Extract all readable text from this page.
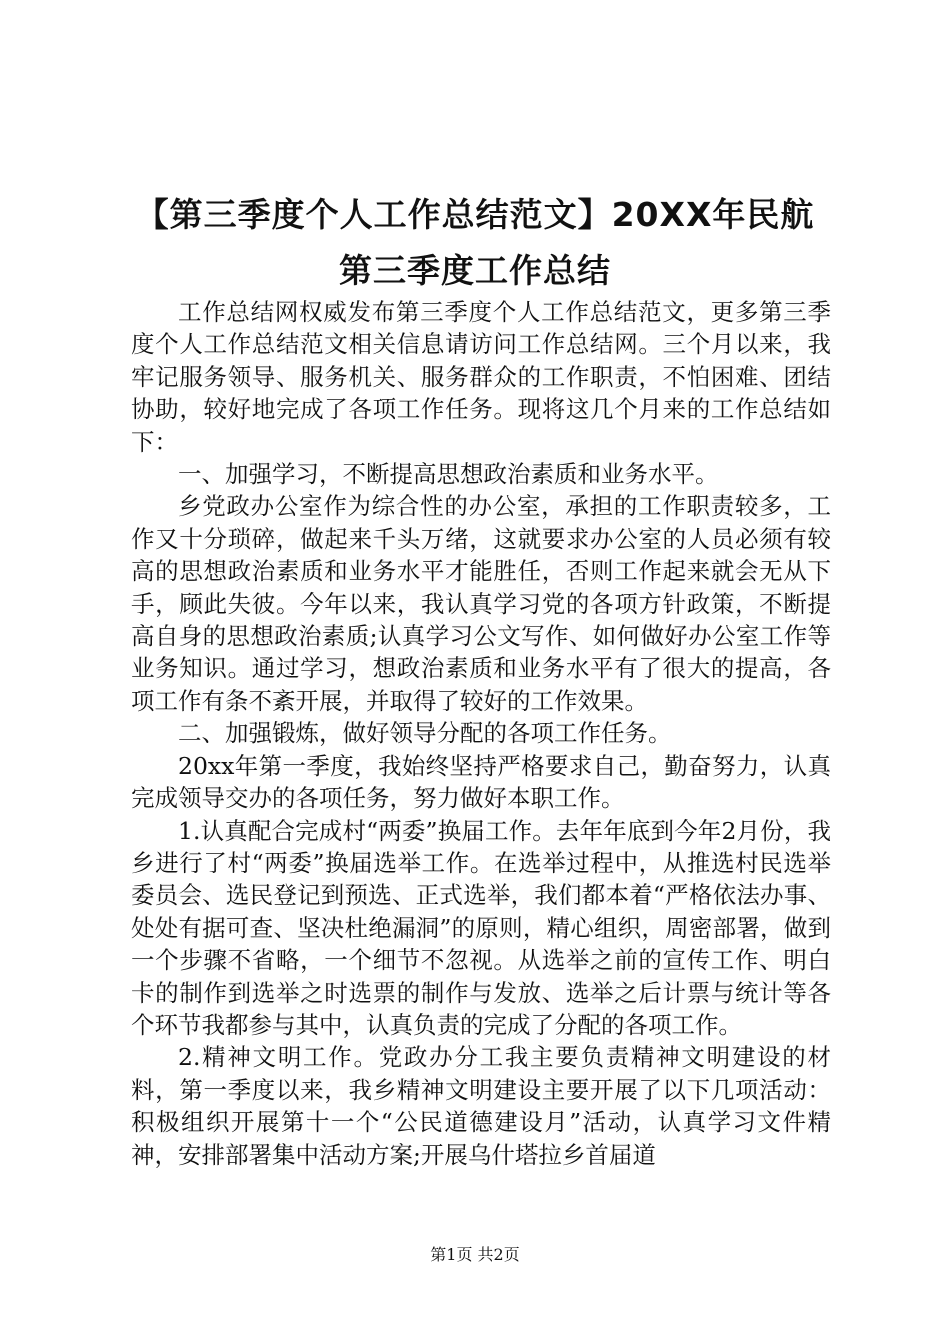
【第三季度个人工作总结范文】20XX年民航
第三季度工作总结

工作总结网权威发布第三季度个人工作总结范文，更多第三季度个人工作总结范文相关信息请访问工作总结网。三个月以来，我牢记服务领导、服务机关、服务群众的工作职责，不怕困难、团结协助，较好地完成了各项工作任务。现将这几个月来的工作总结如下：

一、加强学习，不断提高思想政治素质和业务水平。

乡党政办公室作为综合性的办公室，承担的工作职责较多，工作又十分琐碎，做起来千头万绪，这就要求办公室的人员必须有较高的思想政治素质和业务水平才能胜任，否则工作起来就会无从下手，顾此失彼。今年以来，我认真学习党的各项方针政策，不断提高自身的思想政治素质;认真学习公文写作、如何做好办公室工作等业务知识。通过学习，想政治素质和业务水平有了很大的提高，各项工作有条不紊开展，并取得了较好的工作效果。

二、加强锻炼，做好领导分配的各项工作任务。

20xx年第一季度，我始终坚持严格要求自己，勤奋努力，认真完成领导交办的各项任务，努力做好本职工作。

1.认真配合完成村“两委”换届工作。去年年底到今年2月份，我乡进行了村“两委”换届选举工作。在选举过程中，从推选村民选举委员会、选民登记到预选、正式选举，我们都本着“严格依法办事、处处有据可查、坚决杜绝漏洞”的原则，精心组织，周密部署，做到一个步骤不省略，一个细节不忽视。从选举之前的宣传工作、明白卡的制作到选举之时选票的制作与发放、选举之后计票与统计等各个环节我都参与其中，认真负责的完成了分配的各项工作。

2.精神文明工作。党政办分工我主要负责精神文明建设的材料，第一季度以来，我乡精神文明建设主要开展了以下几项活动：积极组织开展第十一个“公民道德建设月”活动，认真学习文件精神，安排部署集中活动方案;开展乌什塔拉乡首届道

第1页 共2页
